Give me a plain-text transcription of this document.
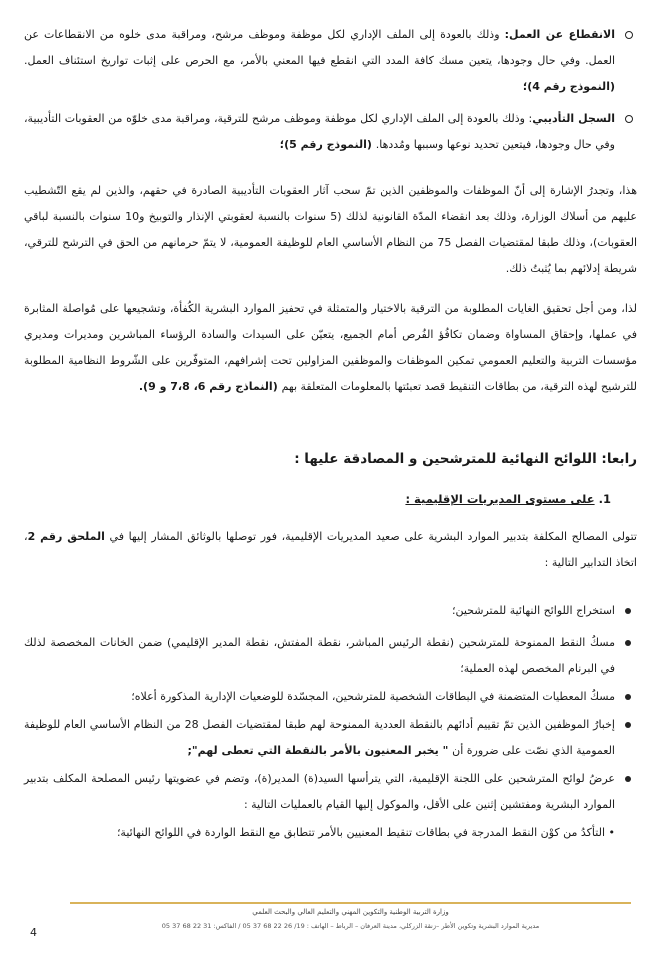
الانقطاع عن العمل: وذلك بالعودة إلى الملف الإداري لكل موظفة وموظف مرشح، ومراقبة مدى خلوه من الانقطاعات عن العمل. وفي حال وجودها، يتعين مسك كافة المدد التي انقطع فيها المعني بالأمر، مع الحرص على إثبات تواريخ استئناف العمل. (النموذج رقم 4)؛
السجل التأديبي: وذلك بالعودة إلى الملف الإداري لكل موظفة وموظف مرشح للترقية، ومراقبة مدى خلوّه من العقوبات التأديبية، وفي حال وجودها، فيتعين تحديد نوعها وسببها ومُددها. (النموذج رقم 5)؛
هذا، وتجدرُ الإشارة إلى أنّ الموظفات والموظفين الذين تمّ سحب آثار العقوبات التأديبية الصادرة في حقهم، والذين لم يقع التّشطيب عليهم من أسلاك الوزارة، وذلك بعد انقضاء المدّة القانونية لذلك (5 سنوات بالنسبة لعقوبتي الإنذار والتوبيخ و10 سنوات بالنسبة لباقي العقوبات)، وذلك طبقا لمقتضيات الفصل 75 من النظام الأساسي العام للوظيفة العمومية، لا يتمّ حرمانهم من الحق في الترشح للترقي، شريطة إدلائهم بما يُثبتُ ذلك.
لذا، ومن أجل تحقيق الغايات المطلوبة من الترقية بالاختيار والمتمثلة في تحفيز الموارد البشرية الكُفأة، وتشجيعها على مُواصلة المثابرة في عملها، وإحقاق المساواة وضمان تكافُؤ الفُرص أمام الجميع، يتعيّن على السيدات والسادة الرؤساء المباشرين ومديرات ومديري مؤسسات التربية والتعليم العمومي تمكين الموظفات والموظفين المزاولين تحت إشرافهم، المتوفّرين على الشّروط النظامية المطلوبة للترشيح لهذه الترقية، من بطاقات التنقيط قصد تعبئتها بالمعلومات المتعلقة بهم (النماذج رقم 6، 7،8 و 9).
رابعا: اللوائح النهائية للمترشحين و المصادقة عليها :
1. على مستوى المديريات الإقليمية :
تتولى المصالح المكلفة بتدبير الموارد البشرية على صعيد المديريات الإقليمية، فور توصلها بالوثائق المشار إليها في الملحق رقم 2، اتخاذ التدابير التالية :
استخراج اللوائح النهائية للمترشحين؛
مسكُ النقط الممنوحة للمترشحين (نقطة الرئيس المباشر، نقطة المفتش، نقطة المدير الإقليمي) ضمن الخانات المخصصة لذلك في البرنام المخصص لهذه العملية؛
مسكُ المعطيات المتضمنة في البطاقات الشخصية للمترشحين، المجسّدة للوضعيات الإدارية المذكورة أعلاه؛
إخبارُ الموظفين الذين تمّ تقييم أدائهم بالنقطة العددية الممنوحة لهم طبقا لمقتضيات الفصل 28 من النظام الأساسي العام للوظيفة العمومية الذي نصّت على ضرورة أن " يخبر المعنيون بالأمر بالنقطة التي تعطى لهم";
عرضُ لوائح المترشحين على اللجنة الإقليمية، التي يترأسها السيد(ة) المدير(ة)، وتضم في عضويتها رئيس المصلحة المكلف بتدبير الموارد البشرية ومفتشين إثنين على الأقل، والموكول إليها القيام بالعمليات التالية :
• التأكدُ من كوْن النقط المدرجة في بطاقات تنقيط المعنيين بالأمر تتطابق مع النقط الواردة في اللوائح النهائية؛
وزارة التربية الوطنية والتكوين المهني والتعليم العالي والبحث العلمي
مديرية الموارد البشرية وتكوين الأطر –زنقة الزركلي، مدينة العرفان – الرباط – الهاتف : 19/ 26 22 68 37 05 / الفاكس: 31 22 68 37 05
4
